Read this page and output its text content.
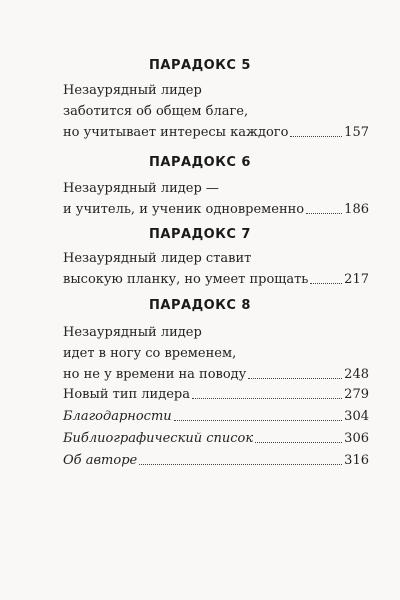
ПАРАДОКС 5
Незаурядный лидер
заботится об общем благе,
но учитывает интересы каждого	157
ПАРАДОКС 6
Незаурядный лидер —
и учитель, и ученик одновременно	186
ПАРАДОКС 7
Незаурядный лидер ставит
высокую планку, но умеет прощать	217
ПАРАДОКС 8
Незаурядный лидер
идет в ногу со временем,
но не у времени на поводу	248
Новый тип лидера	279
Благодарности	304
Библиографический список	306
Об авторе	316
